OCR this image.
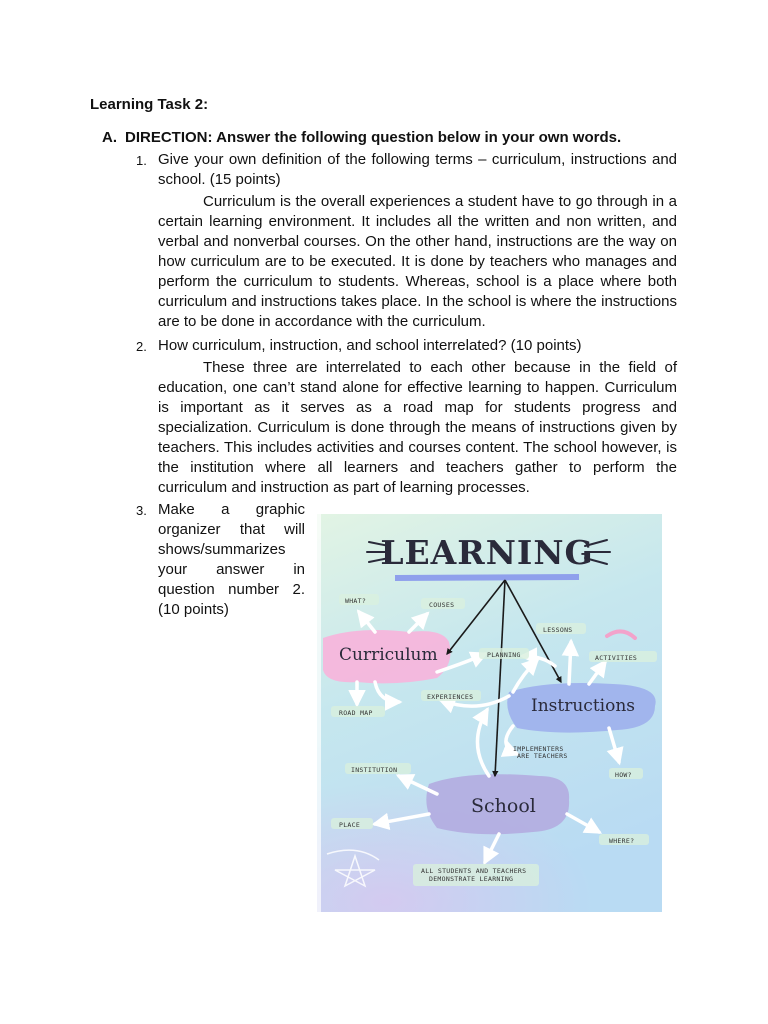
Learning Task 2:
A. DIRECTION: Answer the following question below in your own words.
1. Give your own definition of the following terms – curriculum, instructions and school. (15 points)
Curriculum is the overall experiences a student have to go through in a certain learning environment. It includes all the written and non written, and verbal and nonverbal courses. On the other hand, instructions are the way on how curriculum are to be executed. It is done by teachers who manages and perform the curriculum to students. Whereas, school is a place where both curriculum and instructions takes place. In the school is where the instructions are to be done in accordance with the curriculum.
2. How curriculum, instruction, and school interrelated? (10 points)
These three are interrelated to each other because in the field of education, one can’t stand alone for effective learning to happen. Curriculum is important as it serves as a road map for students progress and specialization. Curriculum is done through the means of instructions given by teachers. This includes activities and courses content. The school however, is the institution where all learners and teachers gather to perform the curriculum and instruction as part of learning processes.
3. Make a graphic
organizer that will
shows/summarizes
your answer in
question number 2.
(10 points)
LEARNING
Curriculum
Instructions
School
WHAT?	COUSES
LESSONS
PLANNING	ACTIVITIES
EXPERIENCES
ROAD MAP
IMPLEMENTERS
ARE TEACHERS
INSTITUTION
HOW?
PLACE
WHERE?
ALL STUDENTS AND TEACHERS
DEMONSTRATE LEARNING
